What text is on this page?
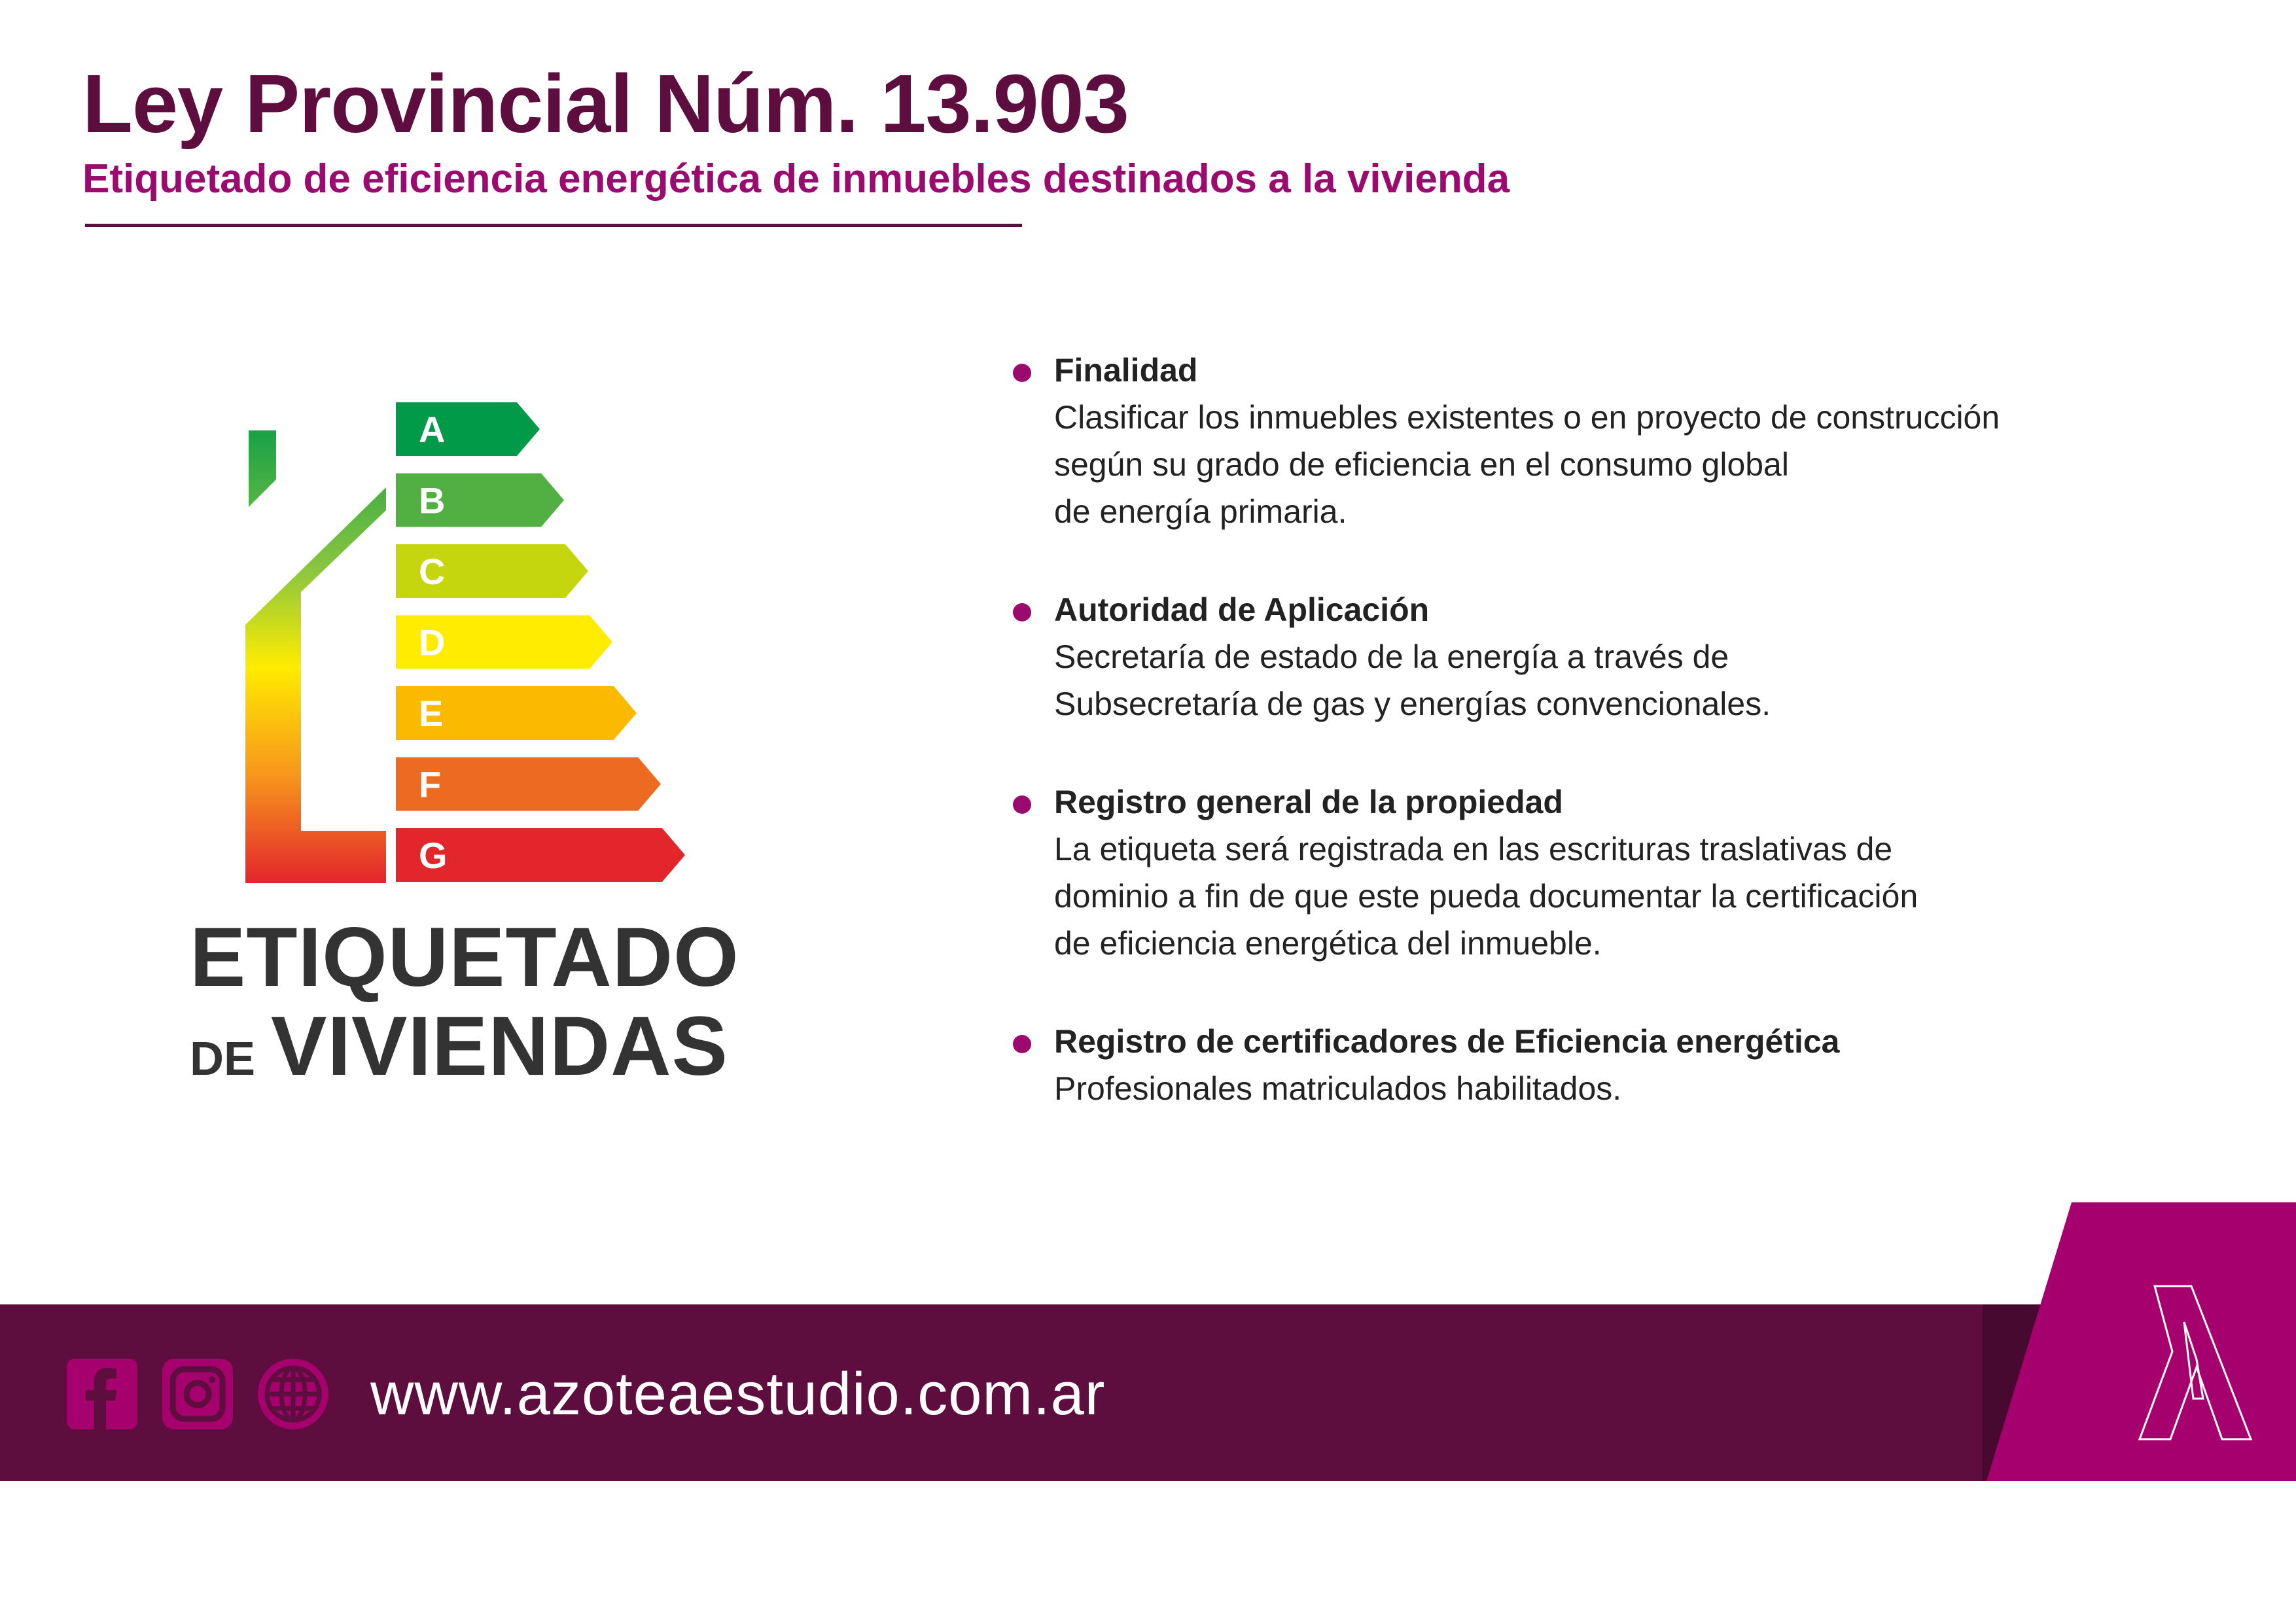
Ley Provincial Núm. 13.903
Etiquetado de eficiencia energética de inmuebles destinados a la vivienda
A
B
C
D
E
F
G
ETIQUETADO
DE VIVIENDAS
Finalidad
Clasificar los inmuebles existentes o en proyecto de construcción
según su grado de eficiencia en el consumo global
de energía primaria.
Autoridad de Aplicación
Secretaría de estado de la energía a través de
Subsecretaría de gas y energías convencionales.
Registro general de la propiedad
La etiqueta será registrada en las escrituras traslativas de
dominio a fin de que este pueda documentar la certificación
de eficiencia energética del inmueble.
Registro de certificadores de Eficiencia energética
Profesionales matriculados habilitados.
www.azoteaestudio.com.ar
